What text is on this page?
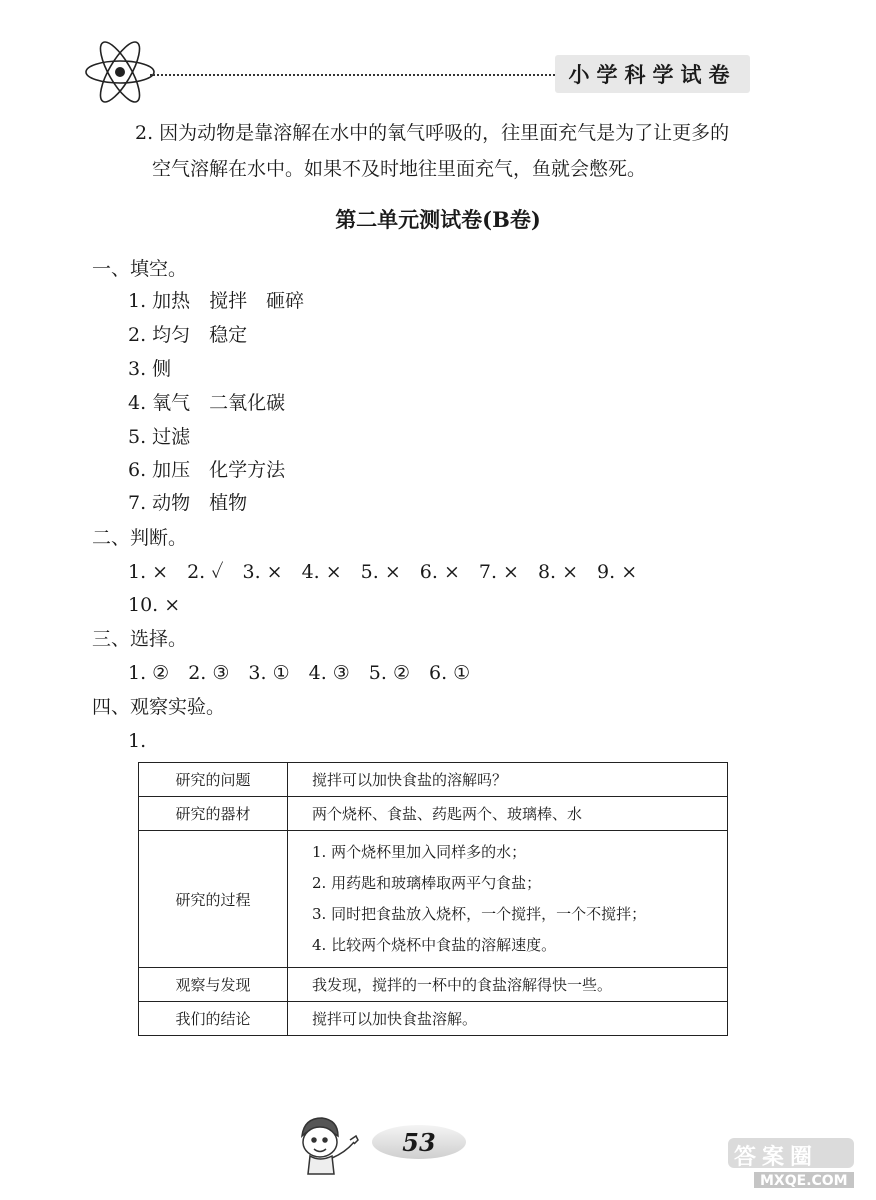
小学科学试卷
2. 因为动物是靠溶解在水中的氧气呼吸的，往里面充气是为了让更多的
空气溶解在水中。如果不及时地往里面充气，鱼就会憋死。
第二单元测试卷(B卷)
一、填空。
1. 加热　搅拌　砸碎
2. 均匀　稳定
3. 侧
4. 氧气　二氧化碳
5. 过滤
6. 加压　化学方法
7. 动物　植物
二、判断。
1. ×　2. ✓　3. ×　4. ×　5. ×　6. ×　7. ×　8. ×　9. ×
10. ×
三、选择。
1. ②　2. ③　3. ①　4. ③　5. ②　6. ①
四、观察实验。
1.
研究的问题	搅拌可以加快食盐的溶解吗？
研究的器材	两个烧杯、食盐、药匙两个、玻璃棒、水
研究的过程	1. 两个烧杯里加入同样多的水；
2. 用药匙和玻璃棒取两平勺食盐；
3. 同时把食盐放入烧杯，一个搅拌，一个不搅拌；
4. 比较两个烧杯中食盐的溶解速度。

观察与发现	我发现，搅拌的一杯中的食盐溶解得快一些。
我们的结论	搅拌可以加快食盐溶解。
53
答案圈
MXQE.COM
